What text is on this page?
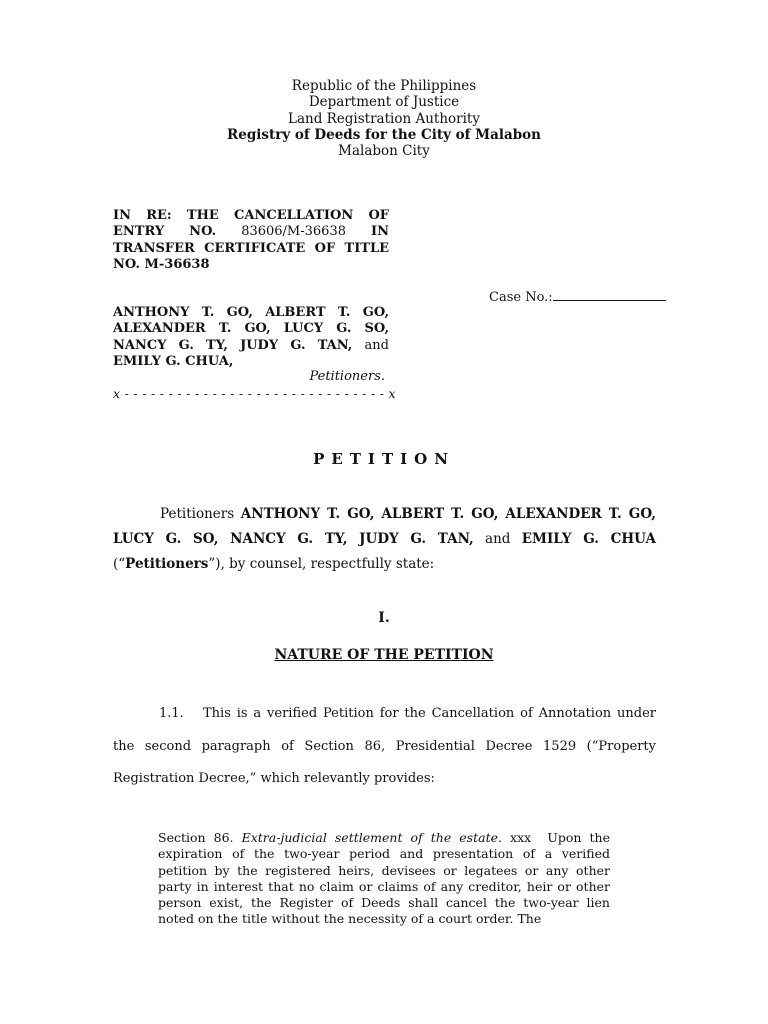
Republic of the Philippines
Department of Justice
Land Registration Authority
Registry of Deeds for the City of Malabon
Malabon City
IN RE: THE CANCELLATION OF
ENTRY NO. 83606/M-36638 IN
TRANSFER CERTIFICATE OF TITLE
NO. M-36638
Case No.:
ANTHONY T. GO, ALBERT T. GO,
ALEXANDER T. GO, LUCY G. SO,
NANCY G. TY, JUDY G. TAN, and
EMILY G. CHUA,
Petitioners.
x - - - - - - - - - - - - - - - - - - - - - - - - - - - - - - x
PETITION
Petitioners ANTHONY T. GO, ALBERT T. GO, ALEXANDER T. GO, LUCY G. SO, NANCY G. TY, JUDY G. TAN, and EMILY G. CHUA (“Petitioners”), by counsel, respectfully state:
I.
NATURE OF THE PETITION
1.1. This is a verified Petition for the Cancellation of Annotation under the second paragraph of Section 86, Presidential Decree 1529 (“Property Registration Decree,” which relevantly provides:
Section 86. Extra-judicial settlement of the estate. xxx Upon the expiration of the two-year period and presentation of a verified petition by the registered heirs, devisees or legatees or any other party in interest that no claim or claims of any creditor, heir or other person exist, the Register of Deeds shall cancel the two-year lien noted on the title without the necessity of a court order. The
